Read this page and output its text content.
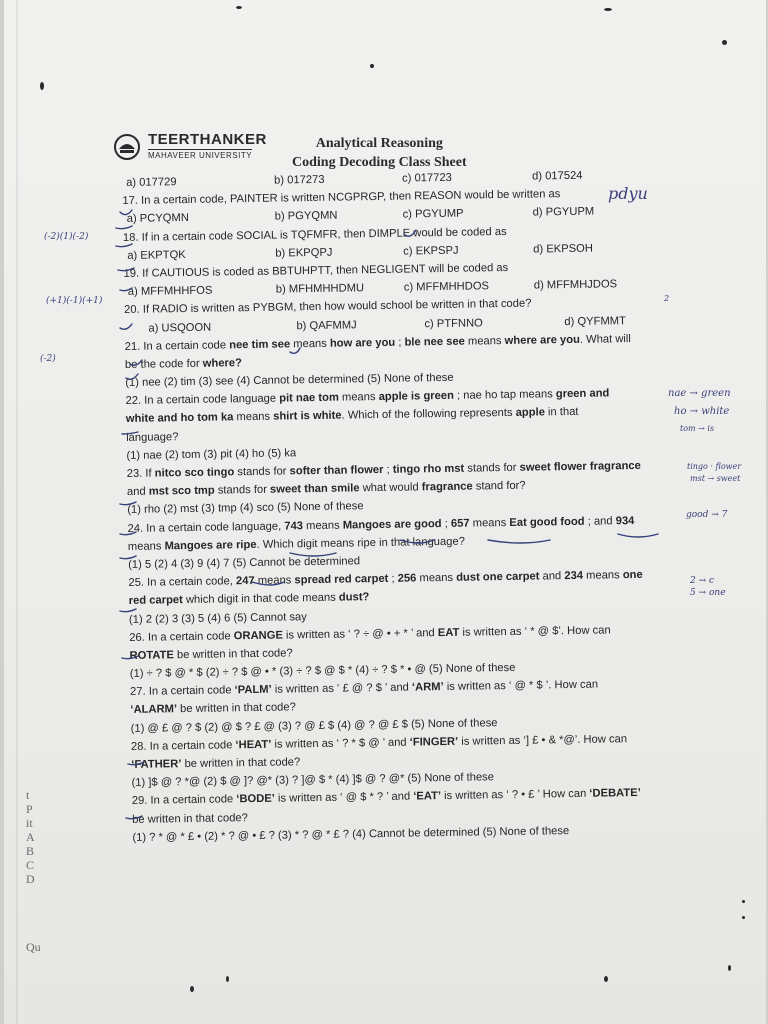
t
P
it
A
B
C
D
Qu
TEERTHANKER
MAHAVEER UNIVERSITY
Analytical Reasoning
Coding Decoding Class Sheet
a) 017729	b) 017273	c) 017723	d) 017524
17. In a certain code, PAINTER is written NCGPRGP, then REASON would be written as
a) PCYQMN	b) PGYQMN	c) PGYUMP	d) PGYUPM
18. If in a certain code SOCIAL is TQFMFR, then DIMPLE would be coded as
a) EKPTQK	b) EKPQPJ	c) EKPSPJ	d) EKPSOH
19. If CAUTIOUS is coded as BBTUHPTT, then NEGLIGENT will be coded as
a) MFFMHHFOS	b) MFHMHHDMU	c) MFFMHHDOS	d) MFFMHJDOS
20. If RADIO is written as PYBGM, then how would school be written in that code?
a) USQOON	b) QAFMMJ	c) PTFNNO	d) QYFMMT
21. In a certain code nee tim see means how are you ; ble nee see means where are you. What will
be the code for where?
(1) nee (2) tim (3) see (4) Cannot be determined (5) None of these
22. In a certain code language pit nae tom means apple is green ; nae ho tap means green and
white and ho tom ka means shirt is white. Which of the following represents apple in that
language?
(1) nae (2) tom (3) pit (4) ho (5) ka
23. If nitco sco tingo stands for softer than flower ; tingo rho mst stands for sweet flower fragrance
and mst sco tmp stands for sweet than smile what would fragrance stand for?
(1) rho (2) mst (3) tmp (4) sco (5) None of these
24. In a certain code language, 743 means Mangoes are good ; 657 means Eat good food ; and 934
means Mangoes are ripe. Which digit means ripe in that language?
(1) 5 (2) 4 (3) 9 (4) 7 (5) Cannot be determined
25. In a certain code, 247 means spread red carpet ; 256 means dust one carpet and 234 means one
red carpet which digit in that code means dust?
(1) 2 (2) 3 (3) 5 (4) 6 (5) Cannot say
26. In a certain code ORANGE is written as ‘ ? ÷ @ • + * ’ and EAT is written as ‘ * @ $’. How can
ROTATE be written in that code?
(1) ÷ ? $ @ * $ (2) ÷ ? $ @ • * (3) ÷ ? $ @ $ * (4) ÷ ? $ * • @ (5) None of these
27. In a certain code ‘PALM’ is written as ‘ £ @ ? $ ’ and ‘ARM’ is written as ‘ @ * $ ’. How can
‘ALARM’ be written in that code?
(1) @ £ @ ? $ (2) @ $ ? £ @ (3) ? @ £ $ (4) @ ? @ £ $ (5) None of these
28. In a certain code ‘HEAT’ is written as ‘ ? * $ @ ’ and ‘FINGER’ is written as ‘] £ • & *@’. How can
‘FATHER’ be written in that code?
(1) ]$ @ ? *@ (2) $ @ ]? @* (3) ? ]@ $ * (4) ]$ @ ? @* (5) None of these
29. In a certain code ‘BODE’ is written as ‘ @ $ * ? ’ and ‘EAT’ is written as ‘ ? • £ ’ How can ‘DEBATE’
be written in that code?
(1) ? * @ * £ • (2) * ? @ • £ ? (3) * ? @ * £ ? (4) Cannot be determined (5) None of these
pdyu
(-2)(1)(-2)
(+1)(-1)(+1)
(-2)
2
nae → green
ho → white
tom → is
tingo · flower
mst → sweet
good → 7
2 → c
5 → one
